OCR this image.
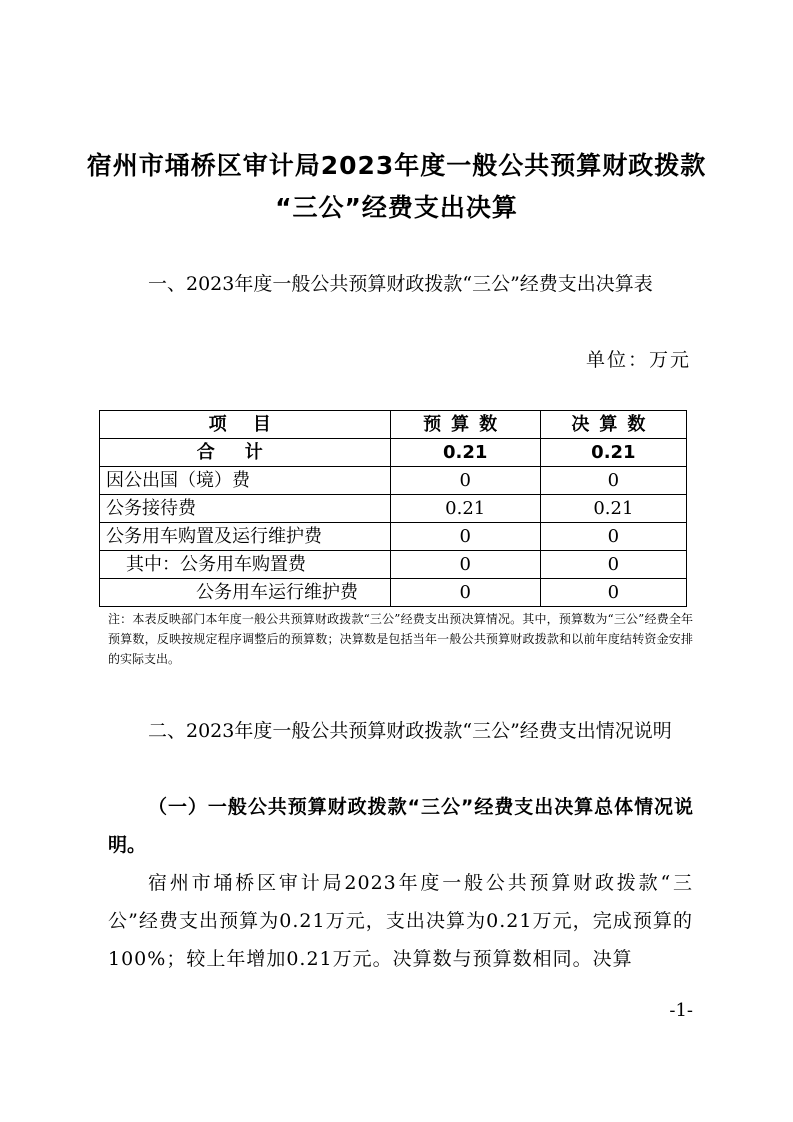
宿州市埇桥区审计局2023年度一般公共预算财政拨款
“三公”经费支出决算
一、2023年度一般公共预算财政拨款“三公”经费支出决算表
单位：万元
项 目	预算数	决算数
合计	0.21	0.21
因公出国（境）费	0	0
公务接待费	0.21	0.21
公务用车购置及运行维护费	0	0
其中：公务用车购置费	0	0
公务用车运行维护费	0	0
注：本表反映部门本年度一般公共预算财政拨款“三公”经费支出预决算情况。其中，预算数为“三公”经费全年预算数，反映按规定程序调整后的预算数；决算数是包括当年一般公共预算财政拨款和以前年度结转资金安排的实际支出。
二、2023年度一般公共预算财政拨款“三公”经费支出情况说明
（一）一般公共预算财政拨款“三公”经费支出决算总体情况说明。
宿州市埇桥区审计局2023年度一般公共预算财政拨款“三公”经费支出预算为0.21万元，支出决算为0.21万元，完成预算的100%；较上年增加0.21万元。决算数与预算数相同。决算
-1-
